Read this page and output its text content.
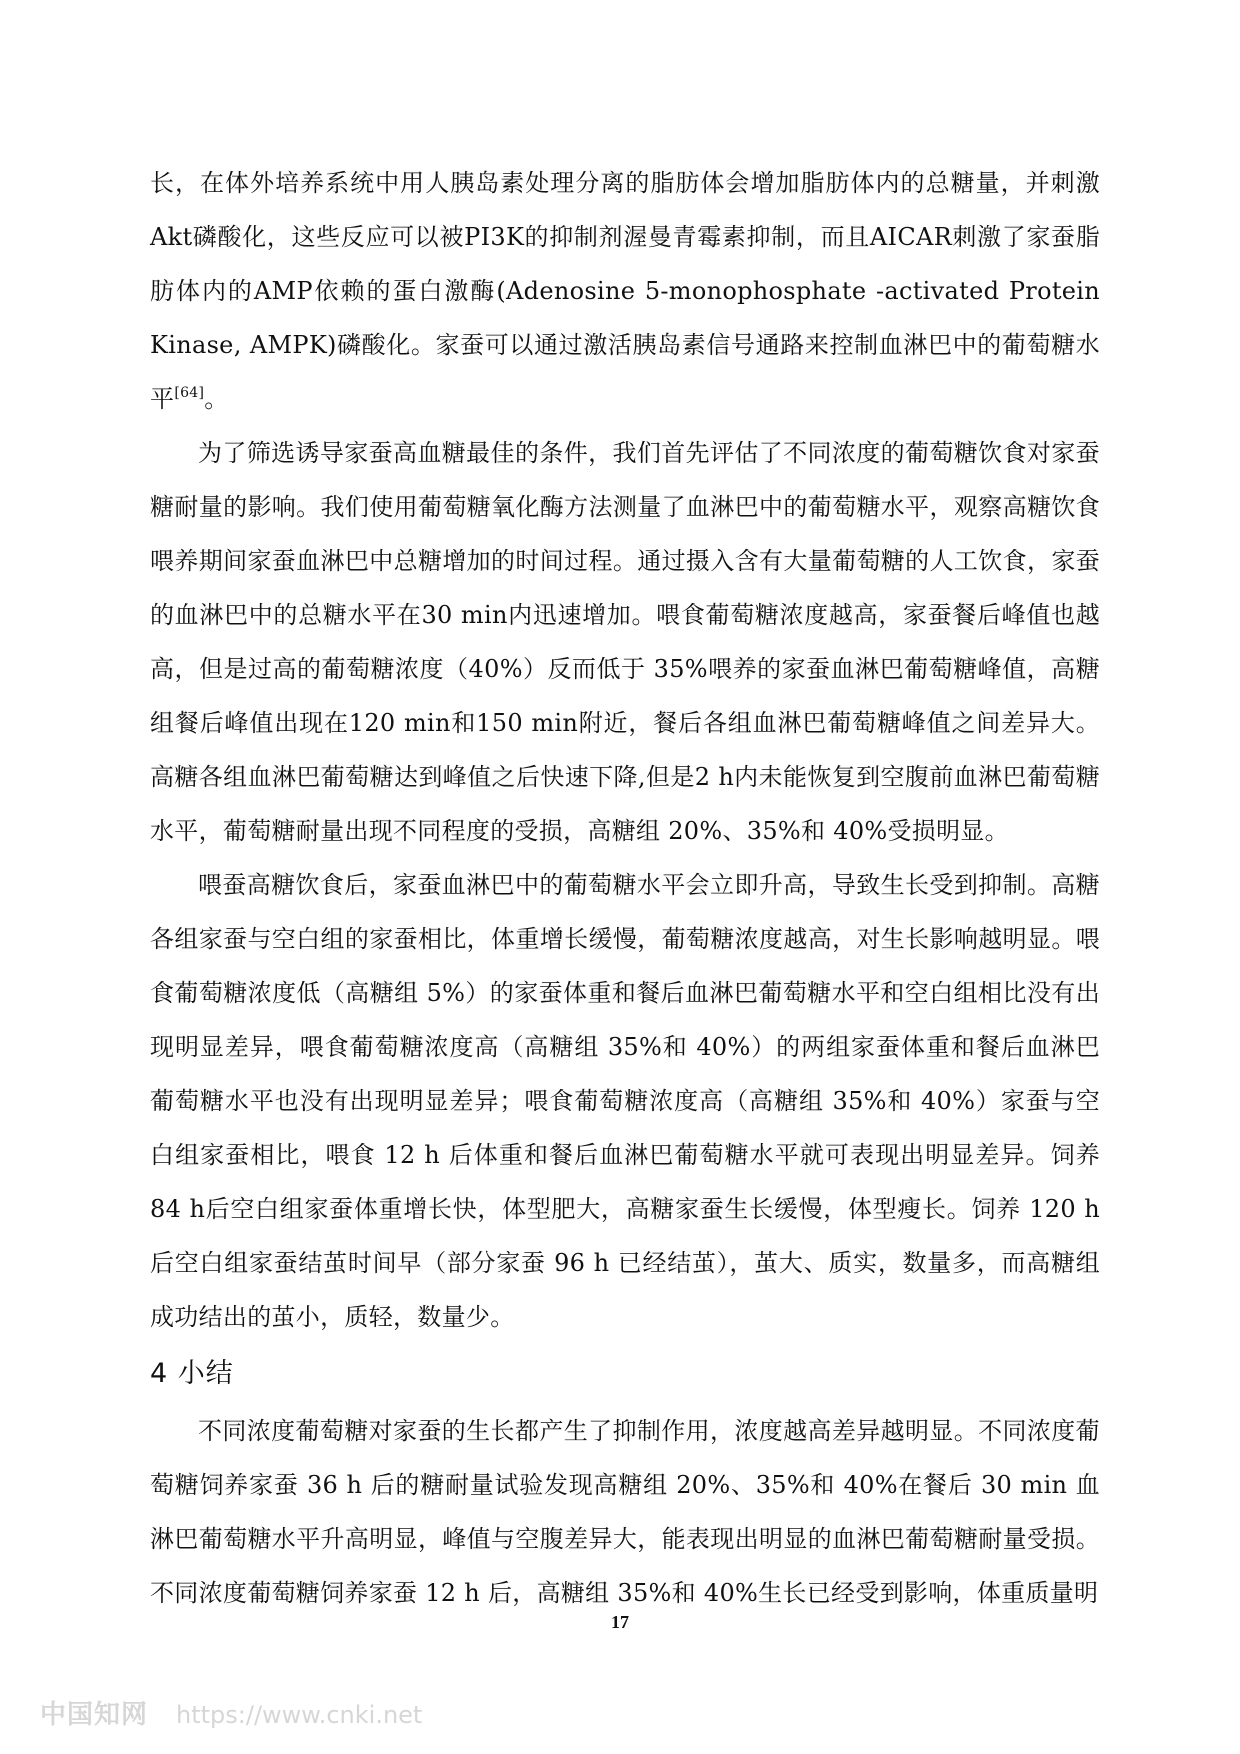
长，在体外培养系统中用人胰岛素处理分离的脂肪体会增加脂肪体内的总糖量，并刺激Akt磷酸化，这些反应可以被PI3K的抑制剂渥曼青霉素抑制，而且AICAR刺激了家蚕脂肪体内的AMP依赖的蛋白激酶(Adenosine 5-monophosphate -activated Protein Kinase, AMPK)磷酸化。家蚕可以通过激活胰岛素信号通路来控制血淋巴中的葡萄糖水平[64]。

为了筛选诱导家蚕高血糖最佳的条件，我们首先评估了不同浓度的葡萄糖饮食对家蚕糖耐量的影响。我们使用葡萄糖氧化酶方法测量了血淋巴中的葡萄糖水平，观察高糖饮食喂养期间家蚕血淋巴中总糖增加的时间过程。通过摄入含有大量葡萄糖的人工饮食，家蚕的血淋巴中的总糖水平在30 min内迅速增加。喂食葡萄糖浓度越高，家蚕餐后峰值也越高，但是过高的葡萄糖浓度（40%）反而低于 35%喂养的家蚕血淋巴葡萄糖峰值，高糖组餐后峰值出现在120 min和150 min附近，餐后各组血淋巴葡萄糖峰值之间差异大。高糖各组血淋巴葡萄糖达到峰值之后快速下降,但是2 h内未能恢复到空腹前血淋巴葡萄糖水平，葡萄糖耐量出现不同程度的受损，高糖组 20%、35%和 40%受损明显。

喂蚕高糖饮食后，家蚕血淋巴中的葡萄糖水平会立即升高，导致生长受到抑制。高糖各组家蚕与空白组的家蚕相比，体重增长缓慢，葡萄糖浓度越高，对生长影响越明显。喂食葡萄糖浓度低（高糖组 5%）的家蚕体重和餐后血淋巴葡萄糖水平和空白组相比没有出现明显差异，喂食葡萄糖浓度高（高糖组 35%和 40%）的两组家蚕体重和餐后血淋巴葡萄糖水平也没有出现明显差异；喂食葡萄糖浓度高（高糖组 35%和 40%）家蚕与空白组家蚕相比，喂食 12 h 后体重和餐后血淋巴葡萄糖水平就可表现出明显差异。饲养84 h后空白组家蚕体重增长快，体型肥大，高糖家蚕生长缓慢，体型瘦长。饲养 120 h后空白组家蚕结茧时间早（部分家蚕 96 h 已经结茧），茧大、质实，数量多，而高糖组成功结出的茧小，质轻，数量少。

4 小结

不同浓度葡萄糖对家蚕的生长都产生了抑制作用，浓度越高差异越明显。不同浓度葡萄糖饲养家蚕 36 h 后的糖耐量试验发现高糖组 20%、35%和 40%在餐后 30 min 血淋巴葡萄糖水平升高明显，峰值与空腹差异大，能表现出明显的血淋巴葡萄糖耐量受损。不同浓度葡萄糖饲养家蚕 12 h 后，高糖组 35%和 40%生长已经受到影响，体重质量明

17
中国知网 https://www.cnki.net
